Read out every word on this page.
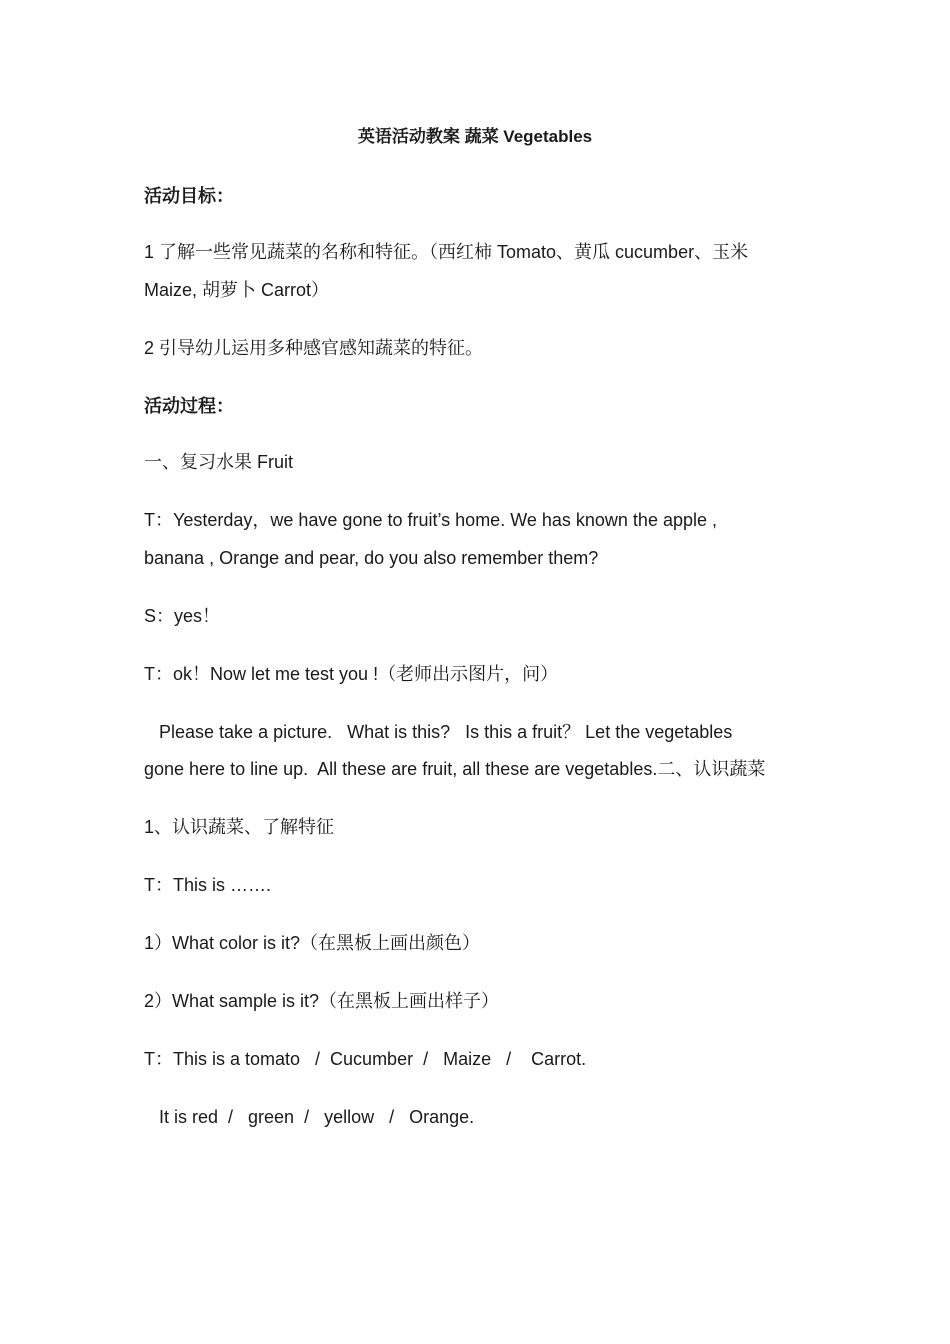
英语活动教案 蔬菜 Vegetables
活动目标：
1 了解一些常见蔬菜的名称和特征。（西红柿 Tomato、黄瓜 cucumber、玉米
Maize, 胡萝卜 Carrot）
2 引导幼儿运用多种感官感知蔬菜的特征。
活动过程：
一、复习水果 Fruit
T：Yesterday，we have gone to fruit’s home. We has known the apple ,
banana , Orange and pear, do you also remember them?
S：yes！
T：ok！Now let me test you !（老师出示图片，问）
Please take a picture.   What is this?   Is this a fruit？ Let the vegetables
gone here to line up.  All these are fruit, all these are vegetables.二、认识蔬菜
1、认识蔬菜、了解特征
T：This is …….
1）What color is it?（在黑板上画出颜色）
2）What sample is it?（在黑板上画出样子）
T：This is a tomato   /  Cucumber  /   Maize   /    Carrot.
It is red  /   green  /   yellow   /   Orange.
